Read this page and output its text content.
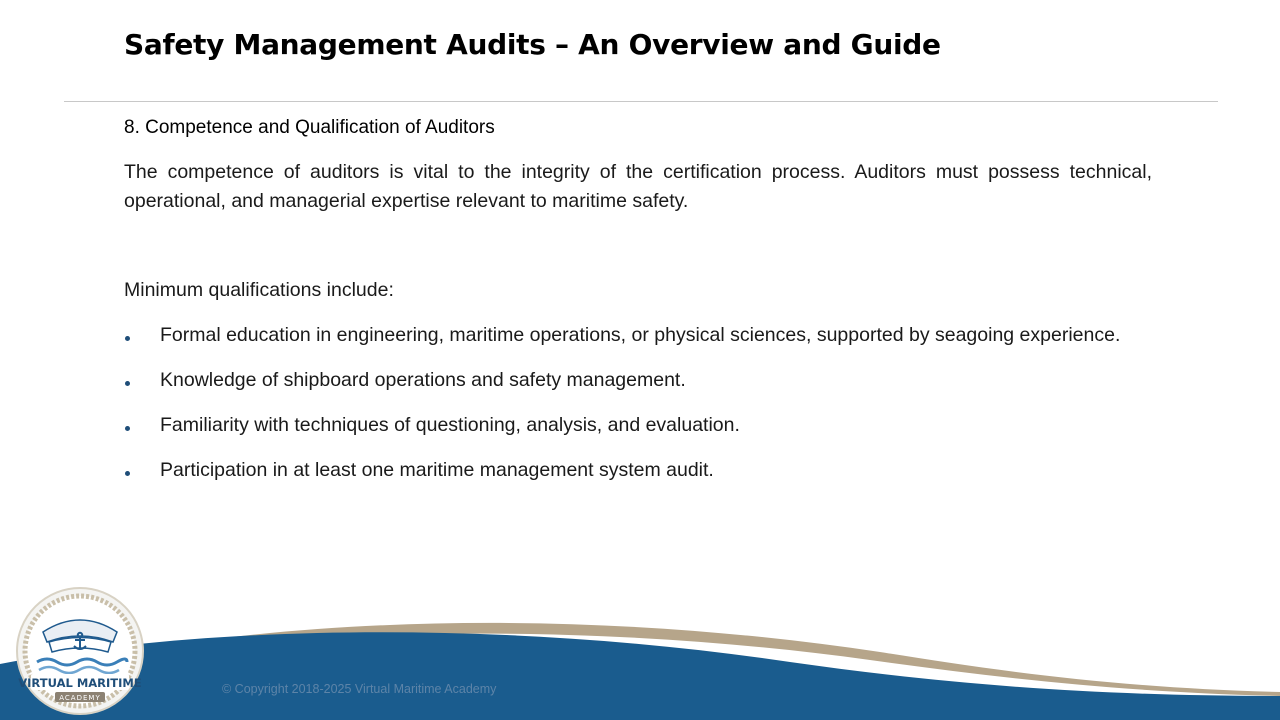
Safety Management Audits – An Overview and Guide
8. Competence and Qualification of Auditors

The competence of auditors is vital to the integrity of the certification process. Auditors must possess technical, operational, and managerial expertise relevant to maritime safety.

Minimum qualifications include:
Formal education in engineering, maritime operations, or physical sciences, supported by seagoing experience.
Knowledge of shipboard operations and safety management.
Familiarity with techniques of questioning, analysis, and evaluation.
Participation in at least one maritime management system audit.
© Copyright 2018-2025 Virtual Maritime Academy
VIRTUAL MARITIME
ACADEMY
